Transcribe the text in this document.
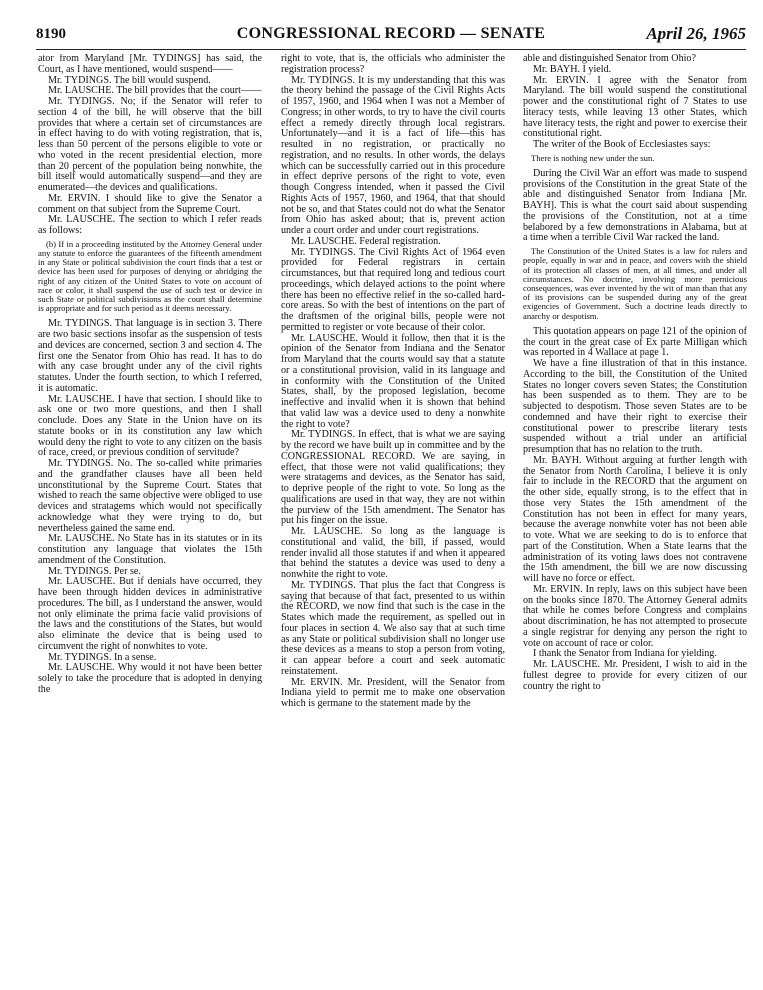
8190	CONGRESSIONAL RECORD — SENATE	April 26, 1965

ator from Maryland [Mr. TYDINGS] has said, the Court, as I have mentioned, would suspend——

Mr. TYDINGS. The bill would suspend.

Mr. LAUSCHE. The bill provides that the court——

Mr. TYDINGS. No; if the Senator will refer to section 4 of the bill, he will observe that the bill provides that where a certain set of circumstances are in effect having to do with voting registration, that is, less than 50 percent of the persons eligible to vote or who voted in the recent presidential election, more than 20 percent of the population being nonwhite, the bill itself would automatically suspend—and they are enumerated—the devices and qualifications.

Mr. ERVIN. I should like to give the Senator a comment on that subject from the Supreme Court.

Mr. LAUSCHE. The section to which I refer reads as follows:

(b) If in a proceeding instituted by the Attorney General under any statute to enforce the guarantees of the fifteenth amendment in any State or political subdivision the court finds that a test or device has been used for purposes of denying or abridging the right of any citizen of the United States to vote on account of race or color, it shall suspend the use of such test or device in such State or political subdivisions as the court shall determine is appropriate and for such period as it deems necessary.

Mr. TYDINGS. That language is in section 3. There are two basic sections insofar as the suspension of tests and devices are concerned, section 3 and section 4. The first one the Senator from Ohio has read. It has to do with any case brought under any of the civil rights statutes. Under the fourth section, to which I referred, it is automatic.

Mr. LAUSCHE. I have that section. I should like to ask one or two more questions, and then I shall conclude. Does any State in the Union have on its statute books or in its constitution any law which would deny the right to vote to any citizen on the basis of race, creed, or previous condition of servitude?

Mr. TYDINGS. No. The so-called white primaries and the grandfather clauses have all been held unconstitutional by the Supreme Court. States that wished to reach the same objective were obliged to use devices and stratagems which would not specifically acknowledge what they were trying to do, but nevertheless gained the same end.

Mr. LAUSCHE. No State has in its statutes or in its constitution any language that violates the 15th amendment of the Constitution.

Mr. TYDINGS. Per se.

Mr. LAUSCHE. But if denials have occurred, they have been through hidden devices in administrative procedures. The bill, as I understand the answer, would not only eliminate the prima facie valid provisions of the laws and the constitutions of the States, but would also eliminate the device that is being used to circumvent the right of nonwhites to vote.

Mr. TYDINGS. In a sense.

Mr. LAUSCHE. Why would it not have been better solely to take the procedure that is adopted in denying the

right to vote, that is, the officials who administer the registration process?

Mr. TYDINGS. It is my understanding that this was the theory behind the passage of the Civil Rights Acts of 1957, 1960, and 1964 when I was not a Member of Congress; in other words, to try to have the civil courts effect a remedy directly through local registrars. Unfortunately—and it is a fact of life—this has resulted in no registration, or practically no registration, and no results. In other words, the delays which can be successfully carried out in this procedure in effect deprive persons of the right to vote, even though Congress intended, when it passed the Civil Rights Acts of 1957, 1960, and 1964, that that should not be so, and that States could not do what the Senator from Ohio has asked about; that is, prevent action under a court order and under court registrations.

Mr. LAUSCHE. Federal registration.

Mr. TYDINGS. The Civil Rights Act of 1964 even provided for Federal registrars in certain circumstances, but that required long and tedious court proceedings, which delayed actions to the point where there has been no effective relief in the so-called hard-core areas. So with the best of intentions on the part of the draftsmen of the original bills, people were not permitted to register or vote because of their color.

Mr. LAUSCHE. Would it follow, then that it is the opinion of the Senator from Indiana and the Senator from Maryland that the courts would say that a statute or a constitutional provision, valid in its language and in conformity with the Constitution of the United States, shall, by the proposed legislation, become ineffective and invalid when it is shown that behind that valid law was a device used to deny a nonwhite the right to vote?

Mr. TYDINGS. In effect, that is what we are saying by the record we have built up in committee and by the CONGRESSIONAL RECORD. We are saying, in effect, that those were not valid qualifications; they were stratagems and devices, as the Senator has said, to deprive people of the right to vote. So long as the qualifications are used in that way, they are not within the purview of the 15th amendment. The Senator has put his finger on the issue.

Mr. LAUSCHE. So long as the language is constitutional and valid, the bill, if passed, would render invalid all those statutes if and when it appeared that behind the statutes a device was used to deny a nonwhite the right to vote.

Mr. TYDINGS. That plus the fact that Congress is saying that because of that fact, presented to us within the RECORD, we now find that such is the case in the States which made the requirement, as spelled out in four places in section 4. We also say that at such time as any State or political subdivision shall no longer use these devices as a means to stop a person from voting, it can appear before a court and seek automatic reinstatement.

Mr. ERVIN. Mr. President, will the Senator from Indiana yield to permit me to make one observation which is germane to the statement made by the

able and distinguished Senator from Ohio?

Mr. BAYH. I yield.

Mr. ERVIN. I agree with the Senator from Maryland. The bill would suspend the constitutional power and the constitutional right of 7 States to use literacy tests, while leaving 13 other States, which have literacy tests, the right and power to exercise their constitutional right.

The writer of the Book of Ecclesiastes says:

There is nothing new under the sun.

During the Civil War an effort was made to suspend provisions of the Constitution in the great State of the able and distinguished Senator from Indiana [Mr. BAYH]. This is what the court said about suspending the provisions of the Constitution, not at a time belabored by a few demonstrations in Alabama, but at a time when a terrible Civil War racked the land.

The Constitution of the United States is a law for rulers and people, equally in war and in peace, and covers with the shield of its protection all classes of men, at all times, and under all circumstances. No doctrine, involving more pernicious consequences, was ever invented by the wit of man than that any of its provisions can be suspended during any of the great exigencies of Government. Such a doctrine leads directly to anarchy or despotism.

This quotation appears on page 121 of the opinion of the court in the great case of Ex parte Milligan which was reported in 4 Wallace at page 1.

We have a fine illustration of that in this instance. According to the bill, the Constitution of the United States no longer covers seven States; the Constitution has been suspended as to them. They are to be subjected to despotism. Those seven States are to be condemned and have their right to exercise their constitutional power to prescribe literary tests suspended without a trial under an artificial presumption that has no relation to the truth.

Mr. BAYH. Without arguing at further length with the Senator from North Carolina, I believe it is only fair to include in the RECORD that the argument on the other side, equally strong, is to the effect that in those very States the 15th amendment of the Constitution has not been in effect for many years, because the average nonwhite voter has not been able to vote. What we are seeking to do is to enforce that part of the Constitution. When a State learns that the administration of its voting laws does not contravene the 15th amendment, the bill we are now discussing will have no force or effect.

Mr. ERVIN. In reply, laws on this subject have been on the books since 1870. The Attorney General admits that while he comes before Congress and complains about discrimination, he has not attempted to prosecute a single registrar for denying any person the right to vote on account of race or color.

I thank the Senator from Indiana for yielding.

Mr. LAUSCHE. Mr. President, I wish to aid in the fullest degree to provide for every citizen of our country the right to
